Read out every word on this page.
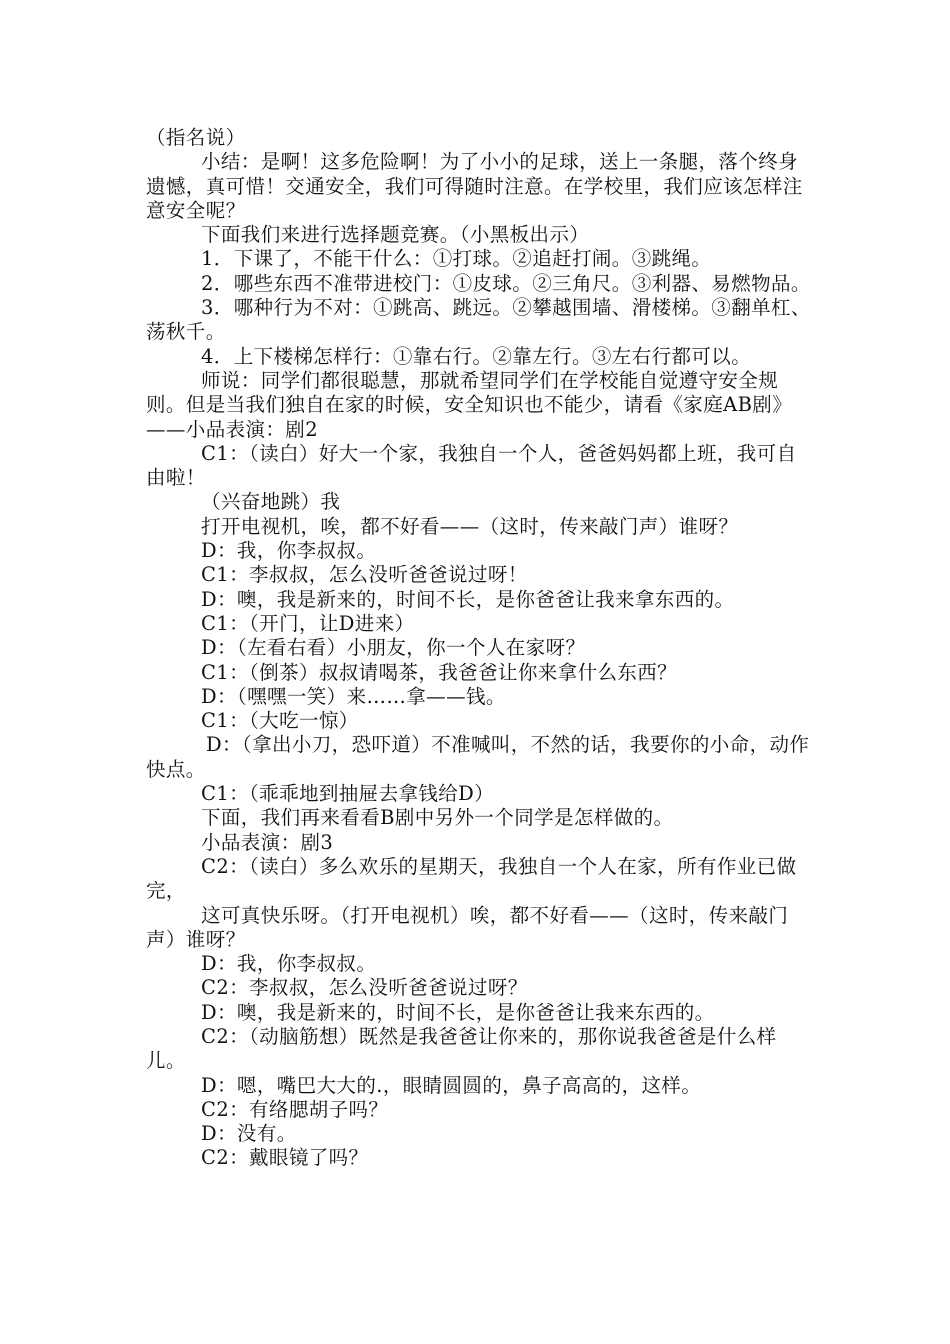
（指名说）

小结：是啊！这多危险啊！为了小小的足球，送上一条腿，落个终身遗憾，真可惜！交通安全，我们可得随时注意。在学校里，我们应该怎样注意安全呢？

下面我们来进行选择题竞赛。（小黑板出示）

1．下课了，不能干什么：①打球。②追赶打闹。③跳绳。

2．哪些东西不准带进校门：①皮球。②三角尺。③利器、易燃物品。

3．哪种行为不对：①跳高、跳远。②攀越围墙、滑楼梯。③翻单杠、荡秋千。

4．上下楼梯怎样行：①靠右行。②靠左行。③左右行都可以。

师说：同学们都很聪慧，那就希望同学们在学校能自觉遵守安全规则。但是当我们独自在家的时候，安全知识也不能少，请看《家庭AB剧》——小品表演：剧2

C1：（读白）好大一个家，我独自一个人，爸爸妈妈都上班，我可自由啦！

（兴奋地跳）我

打开电视机，唉，都不好看——（这时，传来敲门声）谁呀？

D：我，你李叔叔。

C1：李叔叔，怎么没听爸爸说过呀！

D：噢，我是新来的，时间不长，是你爸爸让我来拿东西的。

C1：（开门，让D进来）

D：（左看右看）小朋友，你一个人在家呀？

C1：（倒茶）叔叔请喝茶，我爸爸让你来拿什么东西？

D：（嘿嘿一笑）来……拿——钱。

C1：（大吃一惊）

D：（拿出小刀，恐吓道）不准喊叫，不然的话，我要你的小命，动作快点。

C1：（乖乖地到抽屉去拿钱给D）

下面，我们再来看看B剧中另外一个同学是怎样做的。

小品表演：剧3

C2：（读白）多么欢乐的星期天，我独自一个人在家，所有作业已做完，

这可真快乐呀。（打开电视机）唉，都不好看——（这时，传来敲门声）谁呀？

D：我，你李叔叔。

C2：李叔叔，怎么没听爸爸说过呀？

D：噢，我是新来的，时间不长，是你爸爸让我来东西的。

C2：（动脑筋想）既然是我爸爸让你来的，那你说我爸爸是什么样儿。

D：嗯，嘴巴大大的.，眼睛圆圆的，鼻子高高的，这样。

C2：有络腮胡子吗？

D：没有。

C2：戴眼镜了吗？
